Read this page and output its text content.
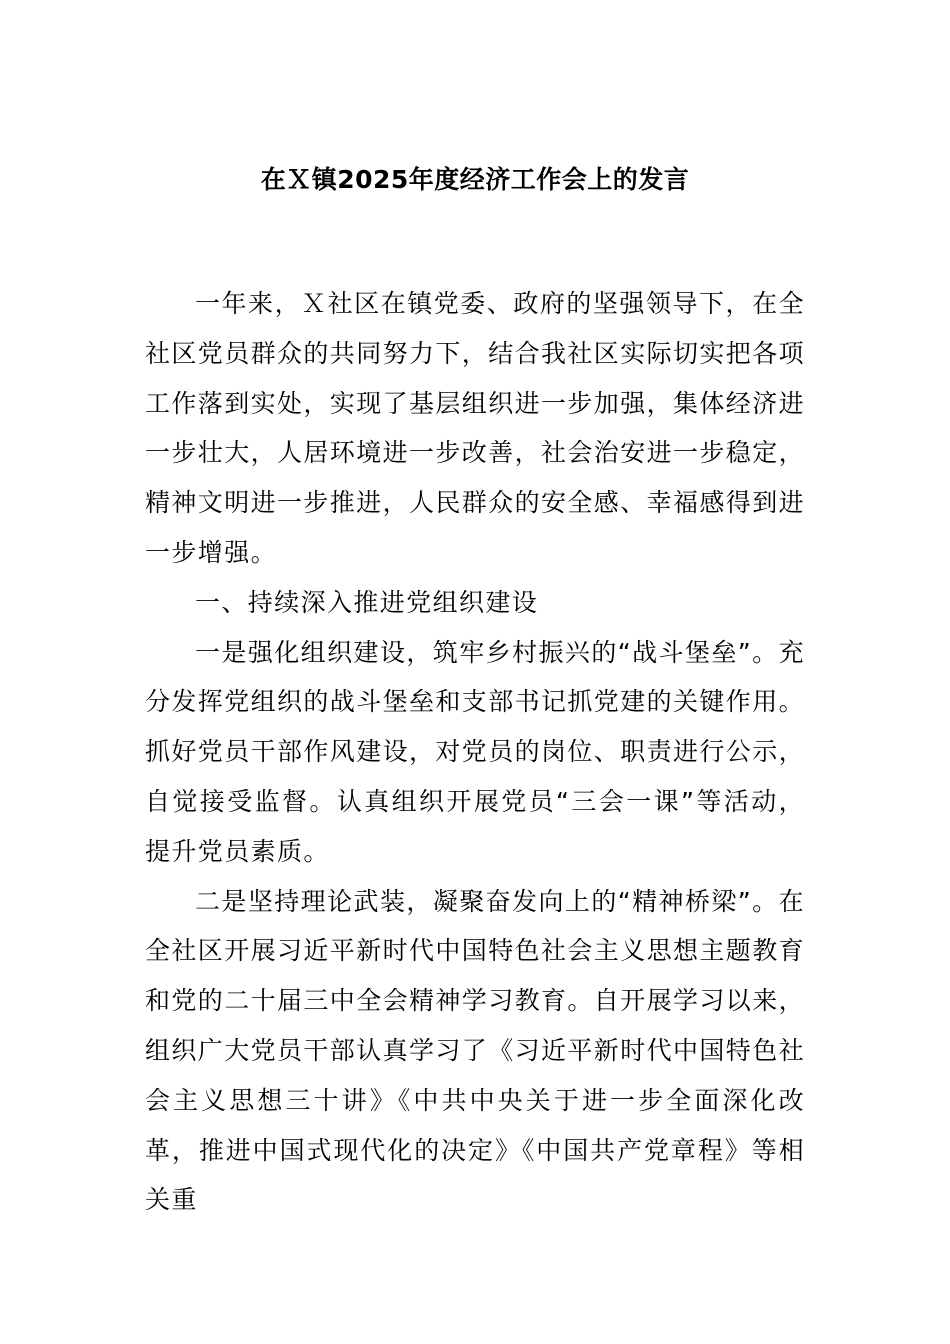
在Ｘ镇2025年度经济工作会上的发言

一年来，Ｘ社区在镇党委、政府的坚强领导下，在全社区党员群众的共同努力下，结合我社区实际切实把各项工作落到实处，实现了基层组织进一步加强，集体经济进一步壮大，人居环境进一步改善，社会治安进一步稳定，精神文明进一步推进，人民群众的安全感、幸福感得到进一步增强。

一、持续深入推进党组织建设

一是强化组织建设，筑牢乡村振兴的“战斗堡垒”。充分发挥党组织的战斗堡垒和支部书记抓党建的关键作用。抓好党员干部作风建设，对党员的岗位、职责进行公示，自觉接受监督。认真组织开展党员“三会一课”等活动，提升党员素质。

二是坚持理论武装，凝聚奋发向上的“精神桥梁”。在全社区开展习近平新时代中国特色社会主义思想主题教育和党的二十届三中全会精神学习教育。自开展学习以来，组织广大党员干部认真学习了《习近平新时代中国特色社会主义思想三十讲》《中共中央关于进一步全面深化改革，推进中国式现代化的决定》《中国共产党章程》等相关重
